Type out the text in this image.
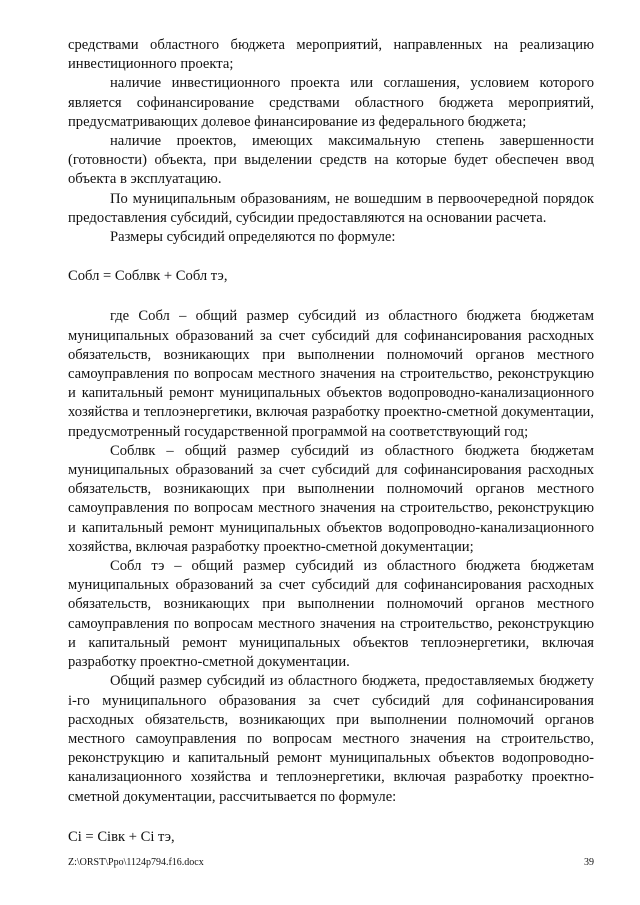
средствами областного бюджета мероприятий, направленных на реализацию инвестиционного проекта;

наличие инвестиционного проекта или соглашения, условием которого является софинансирование средствами областного бюджета мероприятий, предусматривающих долевое финансирование из федерального бюджета;

наличие проектов, имеющих максимальную степень завершенности (готовности) объекта, при выделении средств на которые будет обеспечен ввод объекта в эксплуатацию.

По муниципальным образованиям, не вошедшим в первоочередной порядок предоставления субсидий, субсидии предоставляются на основании расчета.

Размеры субсидий определяются по формуле:

Собл = Соблвк + Собл тэ,

где Собл – общий размер субсидий из областного бюджета бюджетам муниципальных образований за счет субсидий для софинансирования расходных обязательств, возникающих при выполнении полномочий органов местного самоуправления по вопросам местного значения на строительство, реконструкцию и капитальный ремонт муниципальных объектов водопроводно-канализационного хозяйства и теплоэнергетики, включая разработку проектно-сметной документации, предусмотренный государственной программой на соответствующий год;

Соблвк – общий размер субсидий из областного бюджета бюджетам муниципальных образований за счет субсидий для софинансирования расходных обязательств, возникающих при выполнении полномочий органов местного самоуправления по вопросам местного значения на строительство, реконструкцию и капитальный ремонт муниципальных объектов водопроводно-канализационного хозяйства, включая разработку проектно-сметной документации;

Собл тэ – общий размер субсидий из областного бюджета бюджетам муниципальных образований за счет субсидий для софинансирования расходных обязательств, возникающих при выполнении полномочий органов местного самоуправления по вопросам местного значения на строительство, реконструкцию и капитальный ремонт муниципальных объектов теплоэнергетики, включая разработку проектно-сметной документации.

Общий размер субсидий из областного бюджета, предоставляемых бюджету i-го муниципального образования за счет субсидий для софинансирования расходных обязательств, возникающих при выполнении полномочий органов местного самоуправления по вопросам местного значения на строительство, реконструкцию и капитальный ремонт муниципальных объектов водопроводно-канализационного хозяйства и теплоэнергетики, включая разработку проектно-сметной документации, рассчитывается по формуле:

Сi = Сiвк + Сi тэ,

Z:\ORST\Ppo\1124p794.f16.docx	39
